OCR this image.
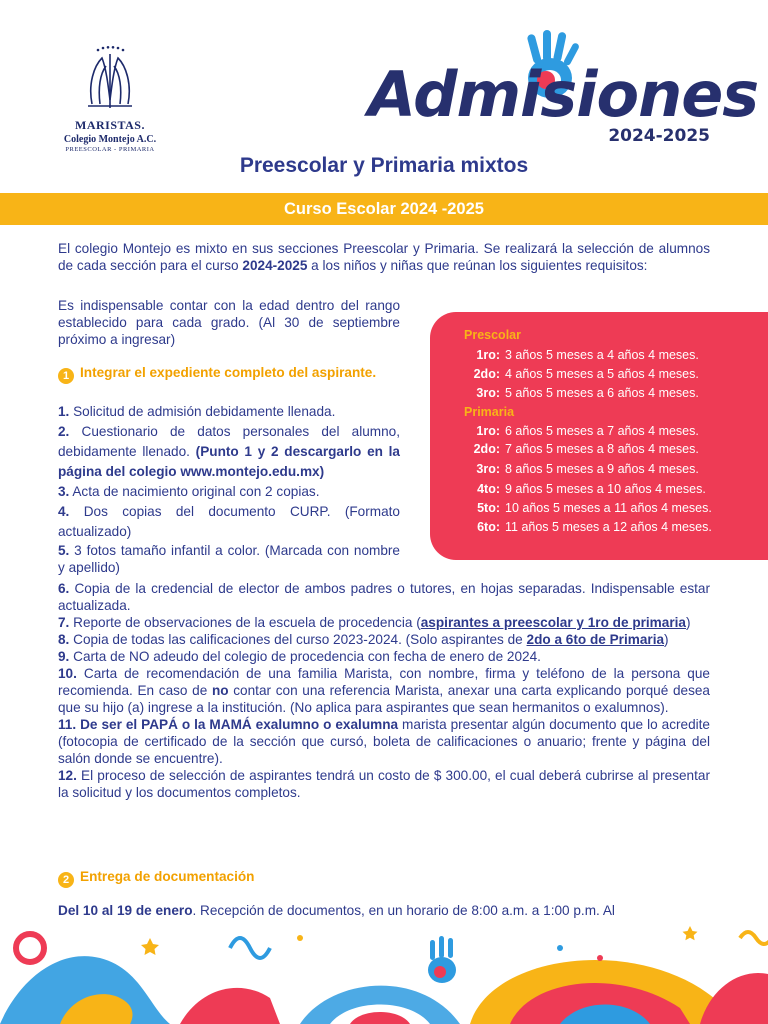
MARISTAS.
Colegio Montejo A.C.
PREESCOLAR - PRIMARIA
Admisiones
2024-2025
Preescolar y Primaria mixtos
Curso Escolar 2024 -2025
El colegio Montejo es mixto en sus secciones Preescolar y Primaria. Se realizará la selección de alumnos de cada sección para el curso 2024-2025 a los niños y niñas que reúnan los siguientes requisitos:
Es indispensable contar con la edad dentro del rango establecido para cada grado. (Al 30 de septiembre próximo a ingresar)	Prescolar
1ro: 3 años 5 meses a 4 años 4 meses.
2do: 4 años 5 meses a 5 años 4 meses.
3ro: 5 años 5 meses a 6 años 4 meses.
Primaria
1ro: 6 años 5 meses a 7 años 4 meses.
2do: 7 años 5 meses a 8 años 4 meses.
3ro: 8 años 5 meses a 9 años 4 meses.
4to: 9 años 5 meses a 10 años 4 meses.
5to: 10 años 5 meses a 11 años 4 meses.
6to: 11 años 5 meses a 12 años 4 meses.
1 Integrar el expediente completo del aspirante.
1. Solicitud de admisión debidamente llenada.
2. Cuestionario de datos personales del alumno, debidamente llenado. (Punto 1 y 2 descargarlo en la página del colegio www.montejo.edu.mx)
3. Acta de nacimiento original con 2 copias.
4. Dos copias del documento CURP. (Formato actualizado)
5. 3 fotos tamaño infantil a color. (Marcada con nombre y apellido)
6. Copia de la credencial de elector de ambos padres o tutores, en hojas separadas. Indispensable estar actualizada.
7. Reporte de observaciones de la escuela de procedencia (aspirantes a preescolar y 1ro de primaria)
8. Copia de todas las calificaciones del curso 2023-2024. (Solo aspirantes de 2do a 6to de Primaria)
9. Carta de NO adeudo del colegio de procedencia con fecha de enero de 2024.
10. Carta de recomendación de una familia Marista, con nombre, firma y teléfono de la persona que recomienda. En caso de no contar con una referencia Marista, anexar una carta explicando porqué desea que su hijo (a) ingrese a la institución. (No aplica para aspirantes que sean hermanitos o exalumnos).
11. De ser el PAPÁ o la MAMÁ exalumno o exalumna marista presentar algún documento que lo acredite (fotocopia de certificado de la sección que cursó, boleta de calificaciones o anuario; frente y página del salón donde se encuentre).
12. El proceso de selección de aspirantes tendrá un costo de $ 300.00, el cual deberá cubrirse al presentar la solicitud y los documentos completos.
2 Entrega de documentación
Del 10 al 19 de enero. Recepción de documentos, en un horario de 8:00 a.m. a 1:00 p.m. Al
